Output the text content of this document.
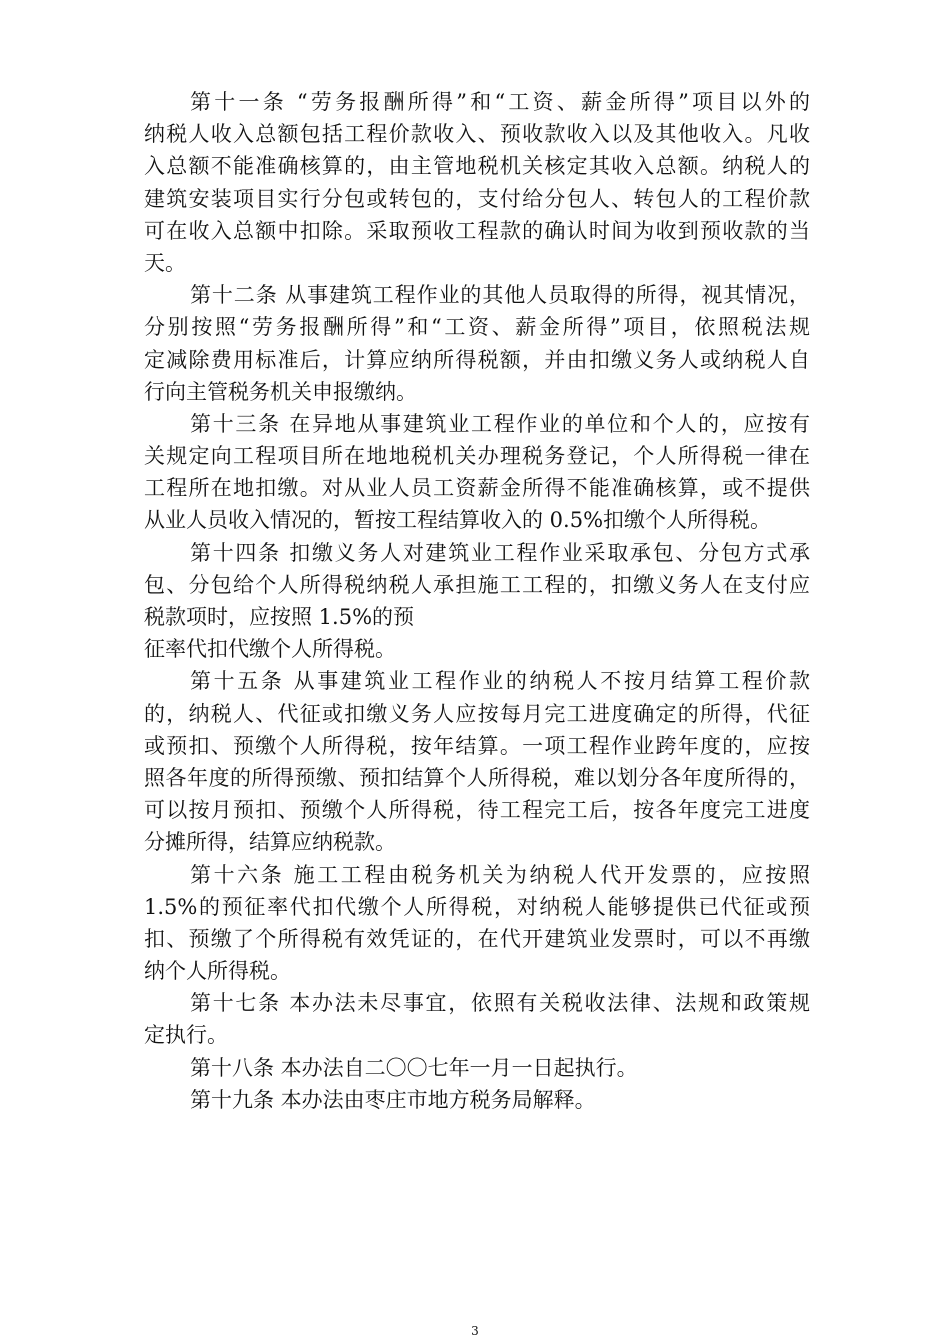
第十一条 “劳务报酬所得”和“工资、薪金所得”项目以外的
纳税人收入总额包括工程价款收入、预收款收入以及其他收入。凡收
入总额不能准确核算的，由主管地税机关核定其收入总额。纳税人的
建筑安装项目实行分包或转包的，支付给分包人、转包人的工程价款
可在收入总额中扣除。采取预收工程款的确认时间为收到预收款的当
天。
第十二条 从事建筑工程作业的其他人员取得的所得，视其情况，
分别按照“劳务报酬所得”和“工资、薪金所得”项目，依照税法规
定减除费用标准后，计算应纳所得税额，并由扣缴义务人或纳税人自
行向主管税务机关申报缴纳。
第十三条 在异地从事建筑业工程作业的单位和个人的，应按有
关规定向工程项目所在地地税机关办理税务登记，个人所得税一律在
工程所在地扣缴。对从业人员工资薪金所得不能准确核算，或不提供
从业人员收入情况的，暂按工程结算收入的 0.5%扣缴个人所得税。
第十四条 扣缴义务人对建筑业工程作业采取承包、分包方式承
包、分包给个人所得税纳税人承担施工工程的，扣缴义务人在支付应
税款项时，应按照 1.5%的预
征率代扣代缴个人所得税。
第十五条 从事建筑业工程作业的纳税人不按月结算工程价款
的，纳税人、代征或扣缴义务人应按每月完工进度确定的所得，代征
或预扣、预缴个人所得税，按年结算。一项工程作业跨年度的，应按
照各年度的所得预缴、预扣结算个人所得税，难以划分各年度所得的，
可以按月预扣、预缴个人所得税，待工程完工后，按各年度完工进度
分摊所得，结算应纳税款。
第十六条 施工工程由税务机关为纳税人代开发票的，应按照
1.5%的预征率代扣代缴个人所得税，对纳税人能够提供已代征或预
扣、预缴了个所得税有效凭证的，在代开建筑业发票时，可以不再缴
纳个人所得税。
第十七条 本办法未尽事宜，依照有关税收法律、法规和政策规
定执行。
第十八条 本办法自二〇〇七年一月一日起执行。
第十九条 本办法由枣庄市地方税务局解释。
3
